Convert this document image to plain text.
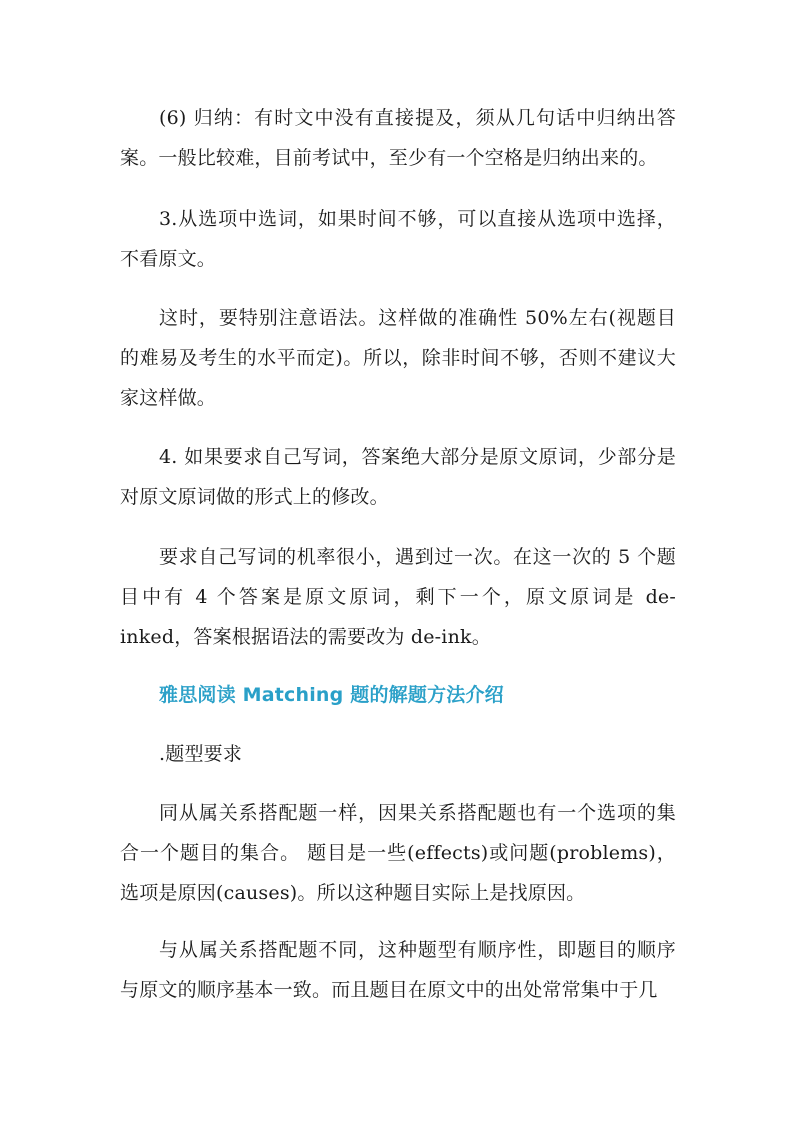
(6) 归纳：有时文中没有直接提及，须从几句话中归纳出答案。一般比较难，目前考试中，至少有一个空格是归纳出来的。

3.从选项中选词，如果时间不够，可以直接从选项中选择，不看原文。

这时，要特别注意语法。这样做的准确性 50%左右(视题目的难易及考生的水平而定)。所以，除非时间不够，否则不建议大家这样做。

4. 如果要求自己写词，答案绝大部分是原文原词，少部分是对原文原词做的形式上的修改。

要求自己写词的机率很小，遇到过一次。在这一次的 5 个题目中有 4 个答案是原文原词，剩下一个，原文原词是 de-inked，答案根据语法的需要改为 de-ink。

雅思阅读 Matching 题的解题方法介绍

.题型要求

同从属关系搭配题一样，因果关系搭配题也有一个选项的集合一个题目的集合。 题目是一些(effects)或问题(problems)，选项是原因(causes)。所以这种题目实际上是找原因。

与从属关系搭配题不同，这种题型有顺序性，即题目的顺序与原文的顺序基本一致。而且题目在原文中的出处常常集中于几
